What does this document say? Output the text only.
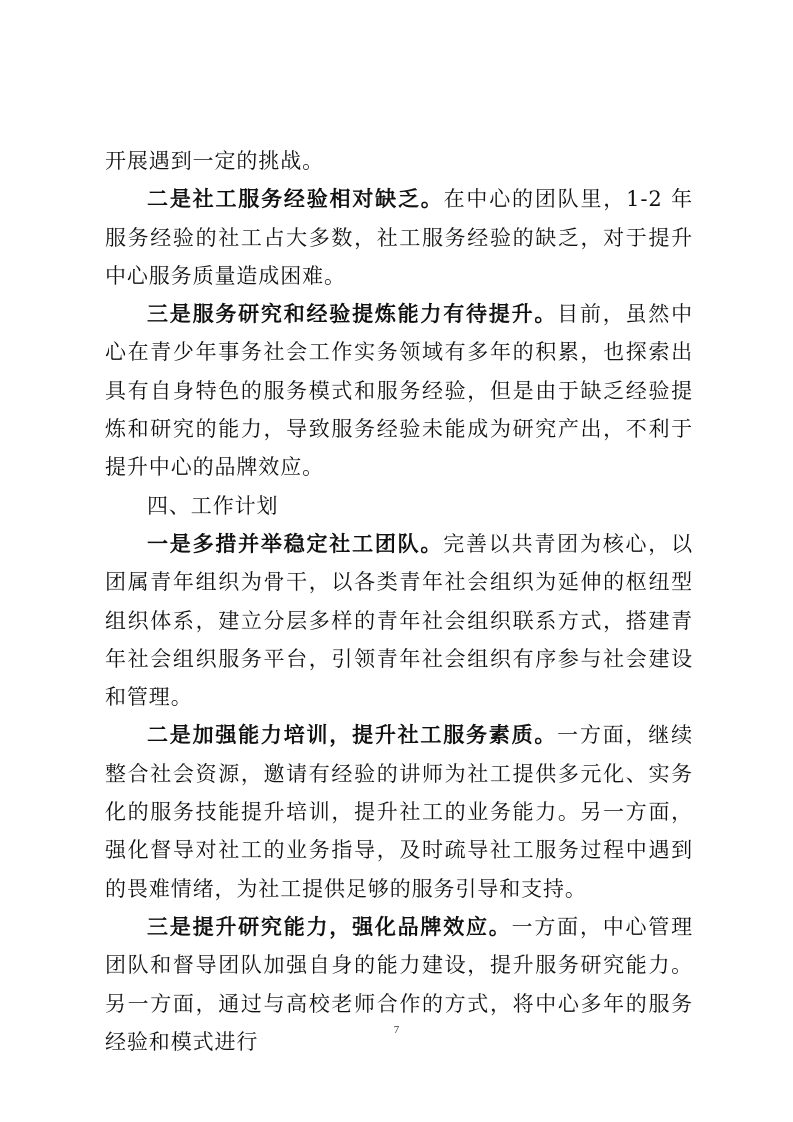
开展遇到一定的挑战。

二是社工服务经验相对缺乏。在中心的团队里，1-2 年服务经验的社工占大多数，社工服务经验的缺乏，对于提升中心服务质量造成困难。

三是服务研究和经验提炼能力有待提升。目前，虽然中心在青少年事务社会工作实务领域有多年的积累，也探索出具有自身特色的服务模式和服务经验，但是由于缺乏经验提炼和研究的能力，导致服务经验未能成为研究产出，不利于提升中心的品牌效应。

四、工作计划

一是多措并举稳定社工团队。完善以共青团为核心，以团属青年组织为骨干，以各类青年社会组织为延伸的枢纽型组织体系，建立分层多样的青年社会组织联系方式，搭建青年社会组织服务平台，引领青年社会组织有序参与社会建设和管理。

二是加强能力培训，提升社工服务素质。一方面，继续整合社会资源，邀请有经验的讲师为社工提供多元化、实务化的服务技能提升培训，提升社工的业务能力。另一方面，强化督导对社工的业务指导，及时疏导社工服务过程中遇到的畏难情绪，为社工提供足够的服务引导和支持。

三是提升研究能力，强化品牌效应。一方面，中心管理团队和督导团队加强自身的能力建设，提升服务研究能力。另一方面，通过与高校老师合作的方式，将中心多年的服务经验和模式进行	7
